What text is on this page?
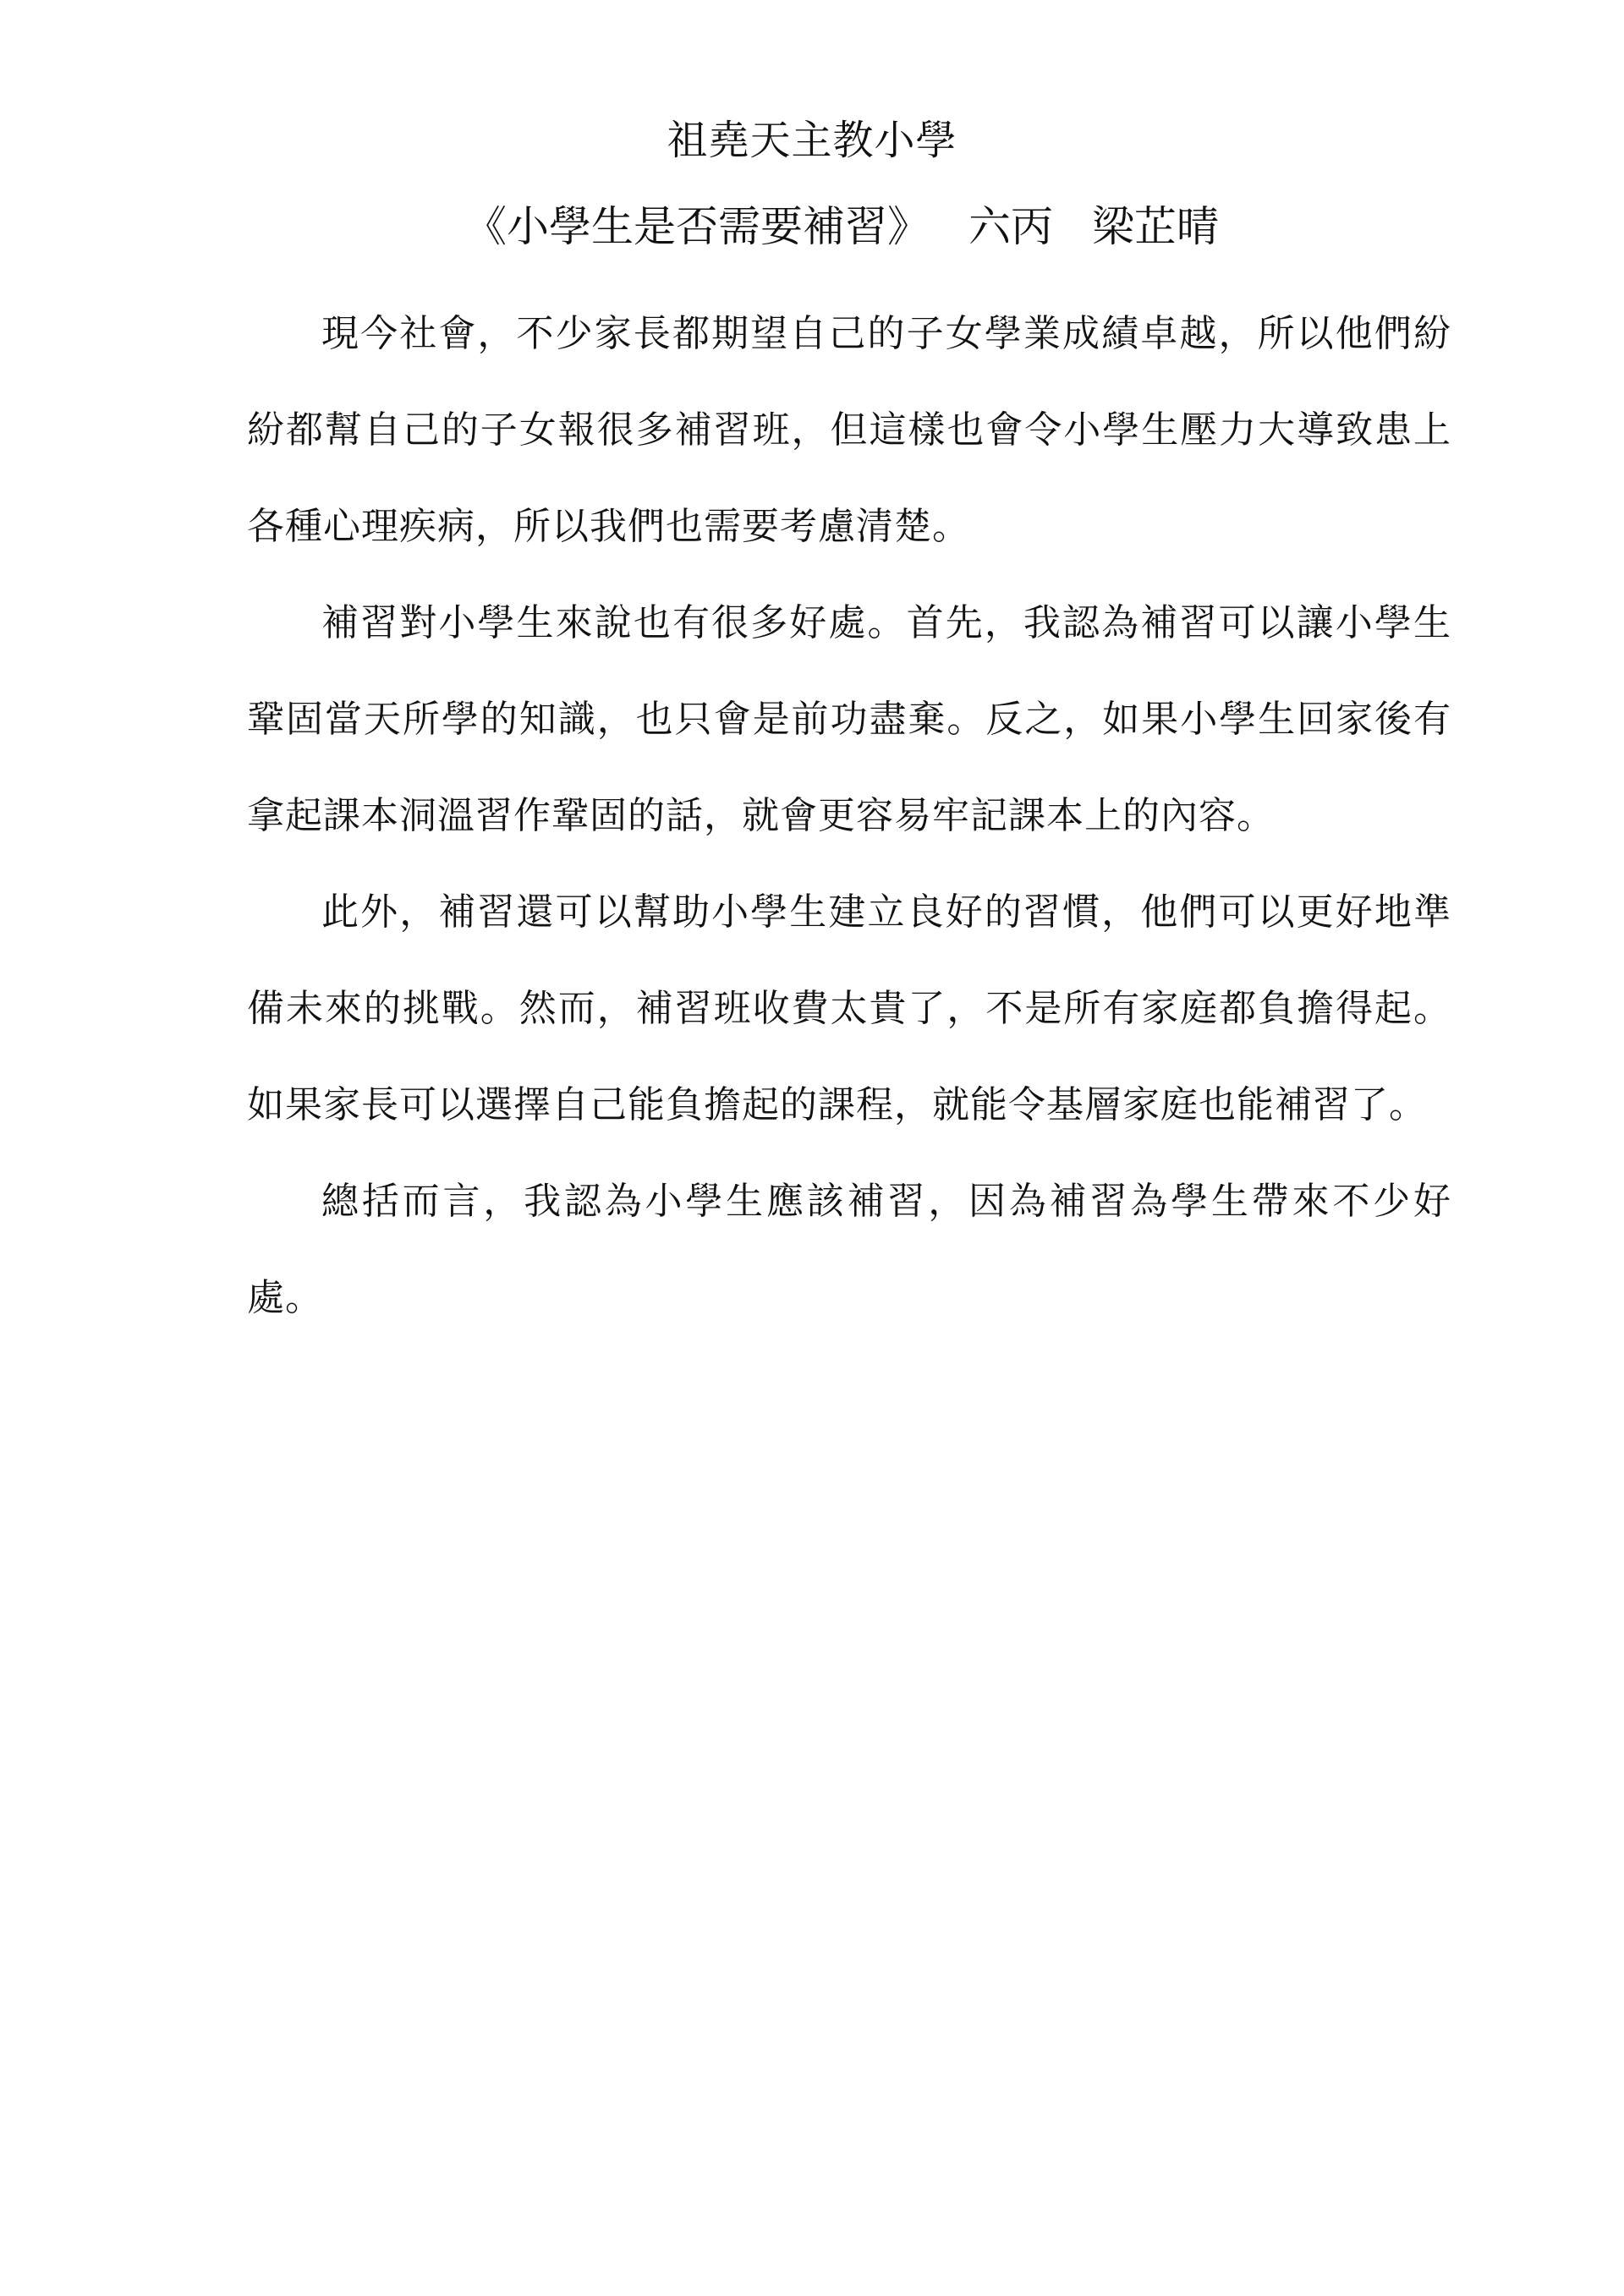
祖堯天主教小學
《小學生是否需要補習》 六丙 梁芷晴

現今社會，不少家長都期望自己的子女學業成績卓越，所以他們紛紛都幫自己的子女報很多補習班，但這樣也會令小學生壓力大導致患上各種心理疾病，所以我們也需要考慮清楚。

補習對小學生來說也有很多好處。首先，我認為補習可以讓小學生鞏固當天所學的知識，也只會是前功盡棄。反之，如果小學生回家後有拿起課本洞溫習作鞏固的話，就會更容易牢記課本上的內容。

此外，補習還可以幫助小學生建立良好的習慣，他們可以更好地準備未來的挑戰。然而，補習班收費太貴了，不是所有家庭都負擔得起。如果家長可以選擇自己能負擔起的課程，就能令基層家庭也能補習了。

總括而言，我認為小學生應該補習，因為補習為學生帶來不少好處。
